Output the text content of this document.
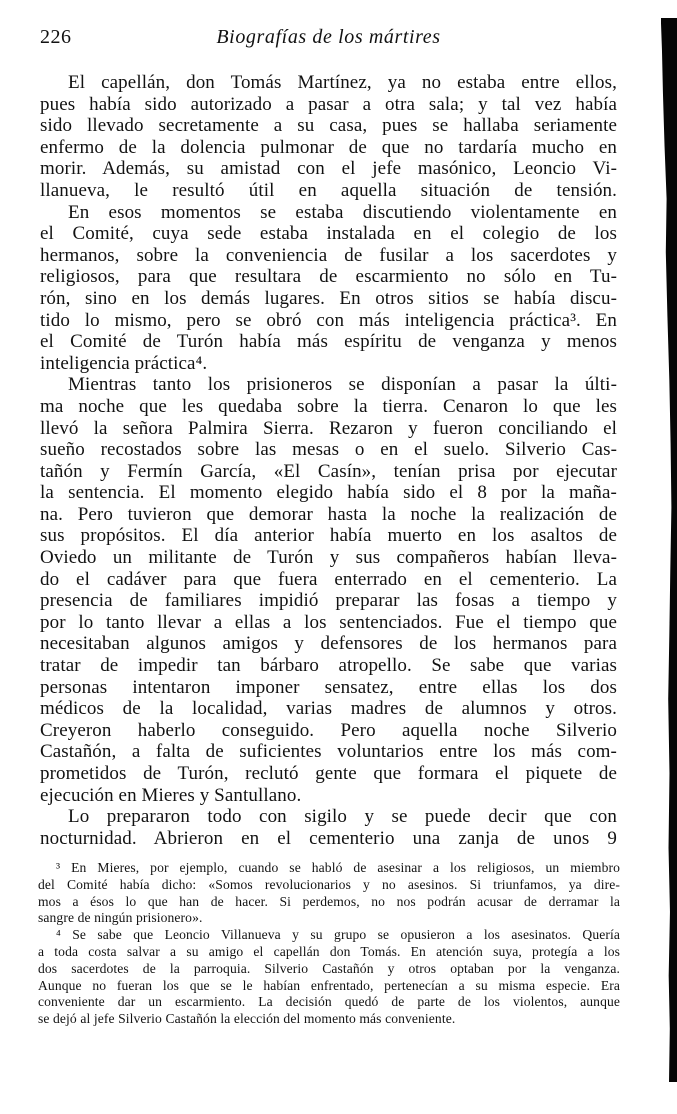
226	Biografías de los mártires
El capellán, don Tomás Martínez, ya no estaba entre ellos,
pues había sido autorizado a pasar a otra sala; y tal vez había
sido llevado secretamente a su casa, pues se hallaba seriamente
enfermo de la dolencia pulmonar de que no tardaría mucho en
morir. Además, su amistad con el jefe masónico, Leoncio Vi-
llanueva, le resultó útil en aquella situación de tensión.
En esos momentos se estaba discutiendo violentamente en
el Comité, cuya sede estaba instalada en el colegio de los
hermanos, sobre la conveniencia de fusilar a los sacerdotes y
religiosos, para que resultara de escarmiento no sólo en Tu-
rón, sino en los demás lugares. En otros sitios se había discu-
tido lo mismo, pero se obró con más inteligencia práctica³. En
el Comité de Turón había más espíritu de venganza y menos
inteligencia práctica⁴.
Mientras tanto los prisioneros se disponían a pasar la últi-
ma noche que les quedaba sobre la tierra. Cenaron lo que les
llevó la señora Palmira Sierra. Rezaron y fueron conciliando el
sueño recostados sobre las mesas o en el suelo. Silverio Cas-
tañón y Fermín García, «El Casín», tenían prisa por ejecutar
la sentencia. El momento elegido había sido el 8 por la maña-
na. Pero tuvieron que demorar hasta la noche la realización de
sus propósitos. El día anterior había muerto en los asaltos de
Oviedo un militante de Turón y sus compañeros habían lleva-
do el cadáver para que fuera enterrado en el cementerio. La
presencia de familiares impidió preparar las fosas a tiempo y
por lo tanto llevar a ellas a los sentenciados. Fue el tiempo que
necesitaban algunos amigos y defensores de los hermanos para
tratar de impedir tan bárbaro atropello. Se sabe que varias
personas intentaron imponer sensatez, entre ellas los dos
médicos de la localidad, varias madres de alumnos y otros.
Creyeron haberlo conseguido. Pero aquella noche Silverio
Castañón, a falta de suficientes voluntarios entre los más com-
prometidos de Turón, reclutó gente que formara el piquete de
ejecución en Mieres y Santullano.
Lo prepararon todo con sigilo y se puede decir que con
nocturnidad. Abrieron en el cementerio una zanja de unos 9
³ En Mieres, por ejemplo, cuando se habló de asesinar a los religiosos, un miembro
del Comité había dicho: «Somos revolucionarios y no asesinos. Si triunfamos, ya dire-
mos a ésos lo que han de hacer. Si perdemos, no nos podrán acusar de derramar la
sangre de ningún prisionero».
⁴ Se sabe que Leoncio Villanueva y su grupo se opusieron a los asesinatos. Quería
a toda costa salvar a su amigo el capellán don Tomás. En atención suya, protegía a los
dos sacerdotes de la parroquia. Silverio Castañón y otros optaban por la venganza.
Aunque no fueran los que se le habían enfrentado, pertenecían a su misma especie. Era
conveniente dar un escarmiento. La decisión quedó de parte de los violentos, aunque
se dejó al jefe Silverio Castañón la elección del momento más conveniente.
